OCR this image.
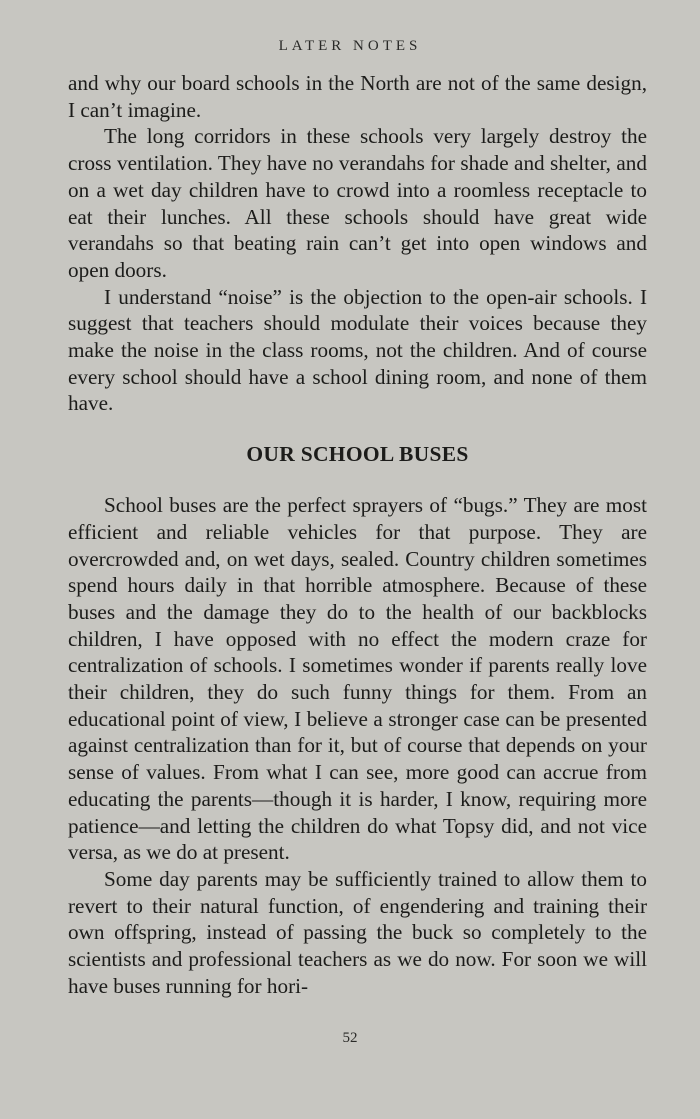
LATER NOTES

and why our board schools in the North are not of the same design, I can’t imagine.

The long corridors in these schools very largely destroy the cross ventilation. They have no verandahs for shade and shelter, and on a wet day children have to crowd into a roomless receptacle to eat their lunches. All these schools should have great wide verandahs so that beating rain can’t get into open windows and open doors.

I understand “noise” is the objection to the open-air schools. I suggest that teachers should modulate their voices because they make the noise in the class rooms, not the children. And of course every school should have a school dining room, and none of them have.

OUR SCHOOL BUSES

School buses are the perfect sprayers of “bugs.” They are most efficient and reliable vehicles for that purpose. They are overcrowded and, on wet days, sealed. Country children sometimes spend hours daily in that horrible atmosphere. Because of these buses and the damage they do to the health of our backblocks children, I have opposed with no effect the modern craze for centralization of schools. I sometimes wonder if parents really love their children, they do such funny things for them. From an educational point of view, I believe a stronger case can be presented against centralization than for it, but of course that depends on your sense of values. From what I can see, more good can accrue from educating the parents—though it is harder, I know, requiring more patience—and letting the children do what Topsy did, and not vice versa, as we do at present.

Some day parents may be sufficiently trained to allow them to revert to their natural function, of engendering and training their own offspring, instead of passing the buck so completely to the scientists and professional teachers as we do now. For soon we will have buses running for hori-

52
